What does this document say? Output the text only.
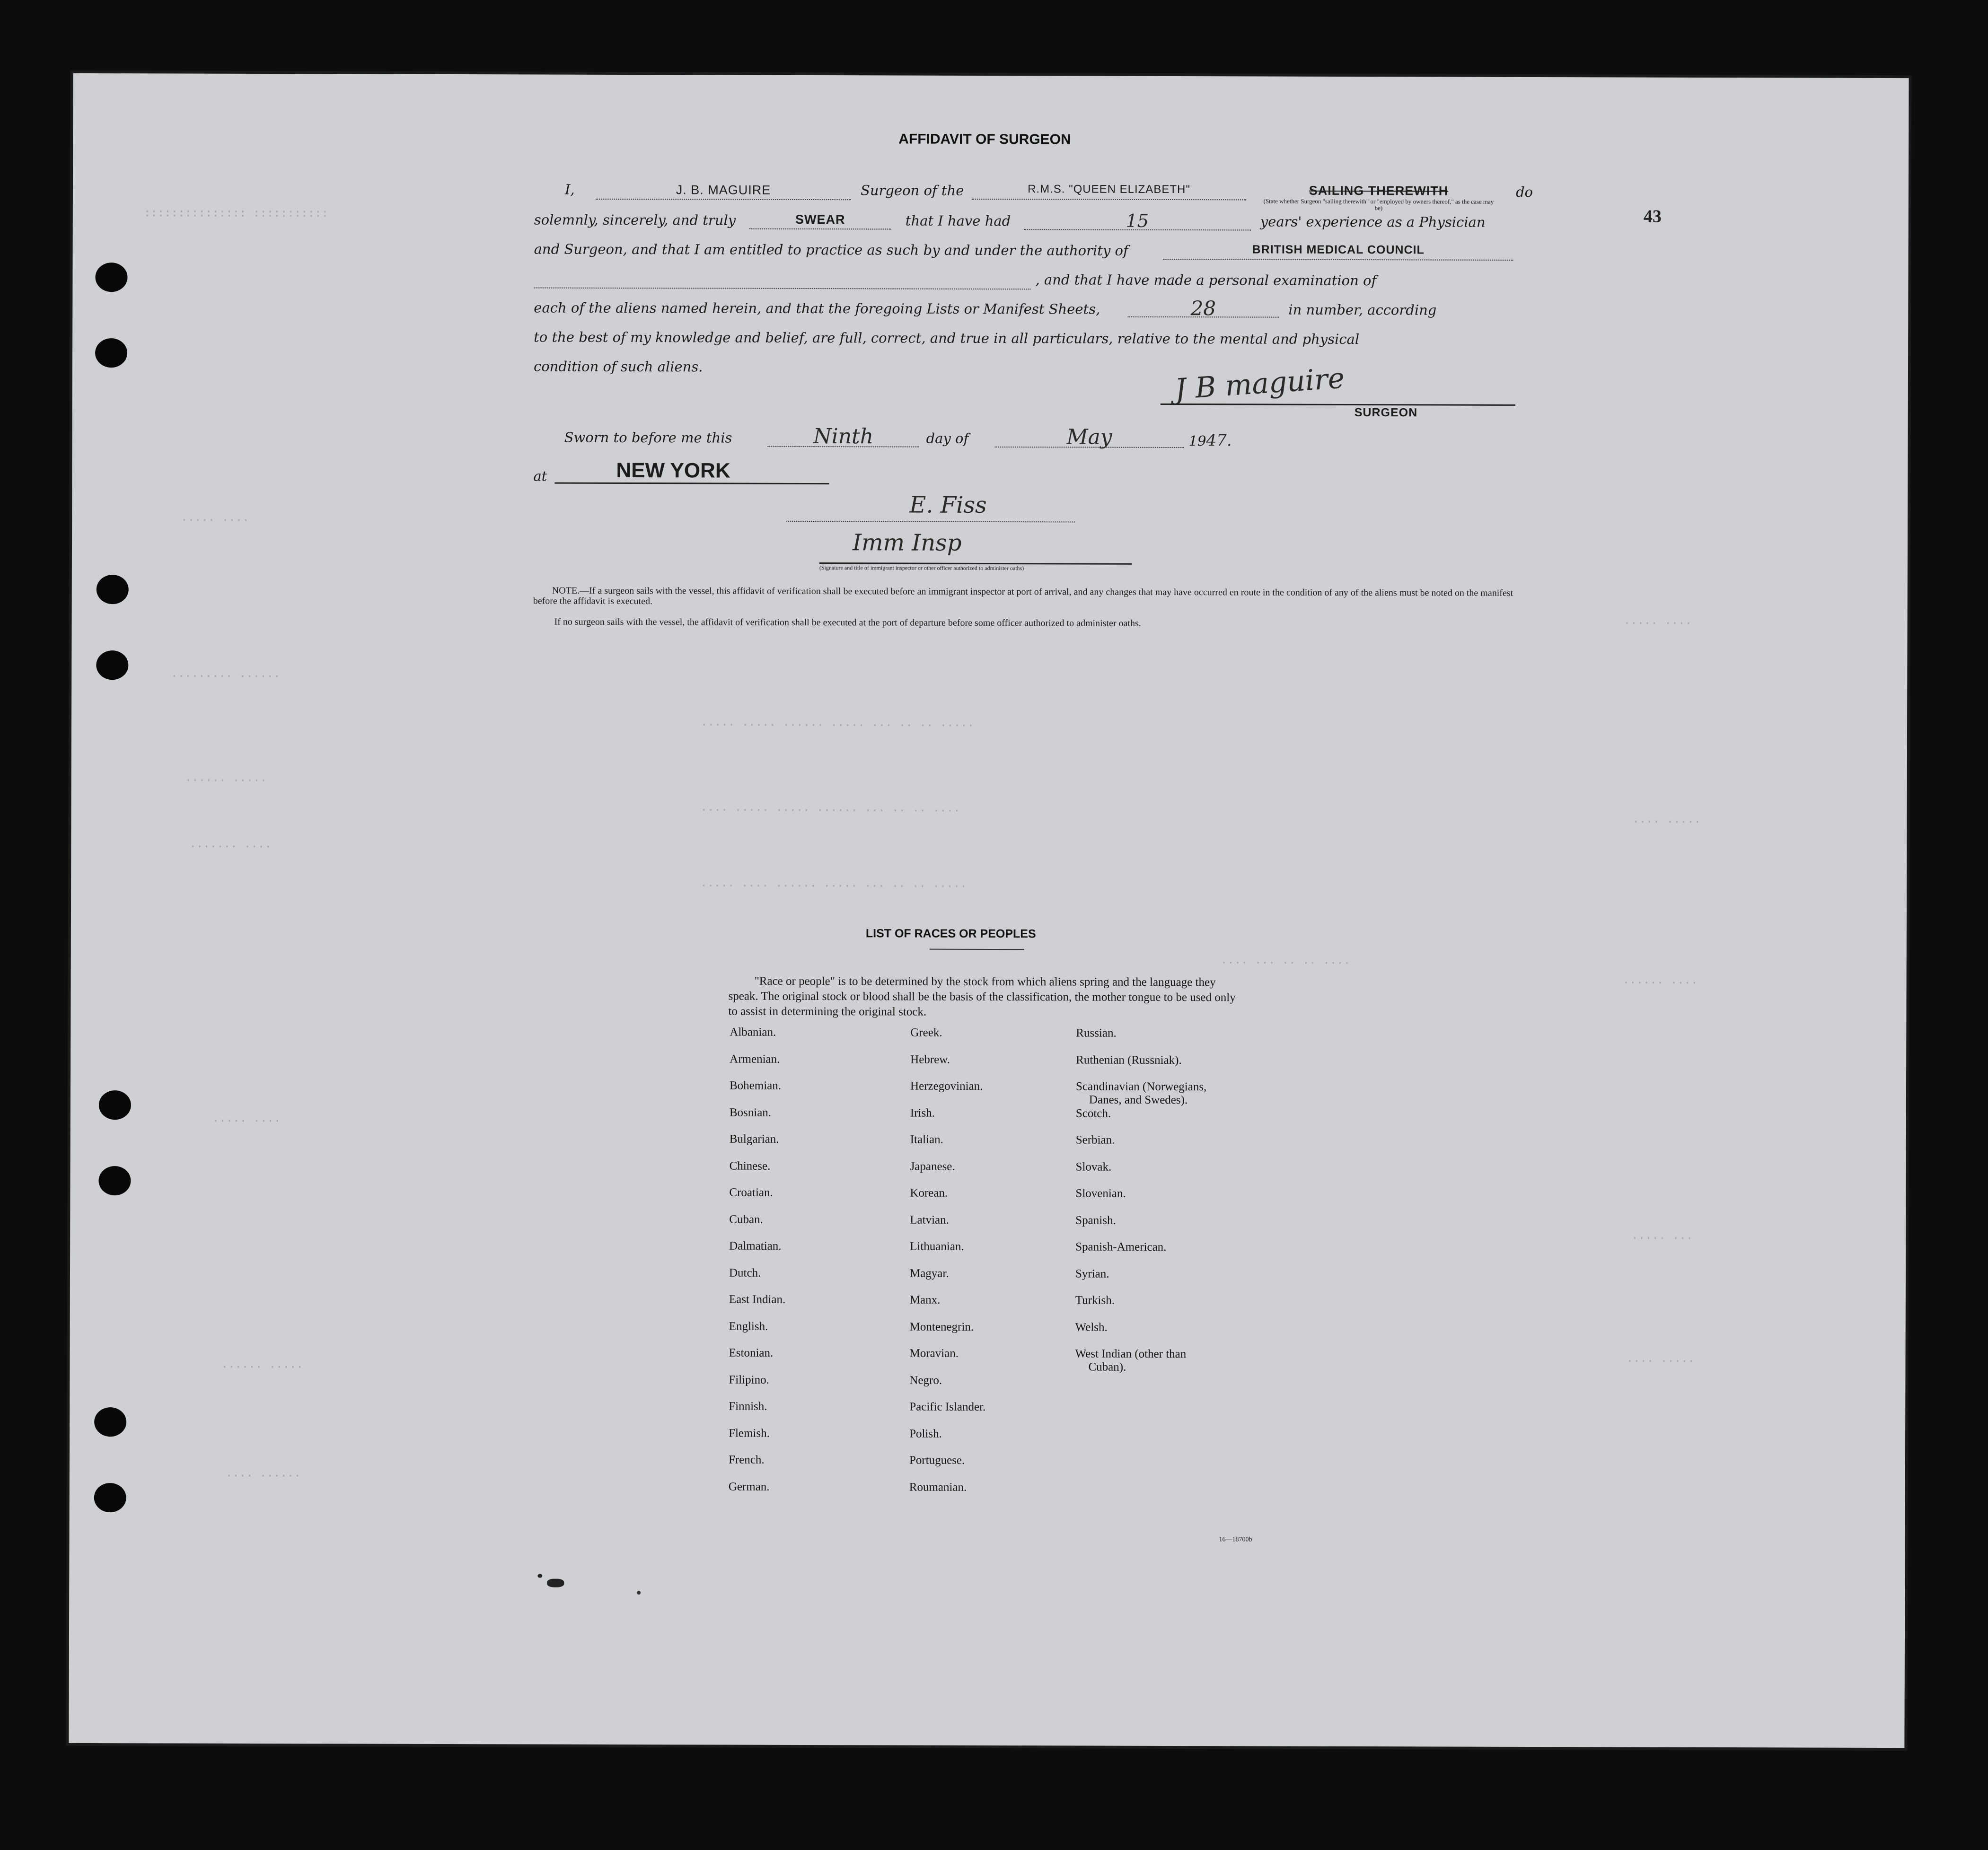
::::::::::::::: :::::::::::
····· ····
········· ······
······ ·····
······· ····
····· ····· ······ ····· ··· ·· ·· ·····
···· ····· ····· ······ ··· ·· ·· ····
····· ···· ······ ····· ··· ·· ·· ·····
···· ··· ·· ·· ····
····· ····
···· ·····
······ ····
····· ···
···· ·····
····· ····
······ ·····
···· ······
43
AFFIDAVIT OF SURGEON
I,	J. B. MAGUIRE	Surgeon of the	R.M.S. "QUEEN ELIZABETH"	SAILING THEREWITH
(State whether Surgeon "sailing therewith" or "employed by owners thereof," as the case may be)
do
solemnly, sincerely, and truly	SWEAR	that I have had	15	years' experience as a Physician
and Surgeon, and that I am entitled to practice as such by and under the authority of	BRITISH MEDICAL COUNCIL
, and that I have made a personal examination of
each of the aliens named herein, and that the foregoing Lists or Manifest Sheets,	28	in number, according
to the best of my knowledge and belief, are full, correct, and true in all particulars, relative to the mental and physical
condition of such aliens.	J B maguire
SURGEON
Sworn to before me this	Ninth	day of	May	1947.
at	NEW YORK
E. Fiss
Imm Insp
(Signature and title of immigrant inspector or other officer authorized to administer oaths)
NOTE.—If a surgeon sails with the vessel, this affidavit of verification shall be executed before an immigrant inspector at port of arrival, and any changes that may have occurred en route in the condition of any of the aliens must be noted on the manifest before the affidavit is executed.
If no surgeon sails with the vessel, the affidavit of verification shall be executed at the port of departure before some officer authorized to administer oaths.
LIST OF RACES OR PEOPLES
"Race or people" is to be determined by the stock from which aliens spring and the language they speak. The original stock or blood shall be the basis of the classification, the mother tongue to be used only to assist in determining the original stock.
Albanian.
Armenian.
Bohemian.
Bosnian.
Bulgarian.
Chinese.
Croatian.
Cuban.
Dalmatian.
Dutch.
East Indian.
English.
Estonian.
Filipino.
Finnish.
Flemish.
French.
German.
Greek.
Hebrew.
Herzegovinian.
Irish.
Italian.
Japanese.
Korean.
Latvian.
Lithuanian.
Magyar.
Manx.
Montenegrin.
Moravian.
Negro.
Pacific Islander.
Polish.
Portuguese.
Roumanian.
Russian.
Ruthenian (Russniak).
Scandinavian (Norwegians,
Danes, and Swedes).
Scotch.
Serbian.
Slovak.
Slovenian.
Spanish.
Spanish-American.
Syrian.
Turkish.
Welsh.
West Indian (other than
Cuban).
16—18700b
